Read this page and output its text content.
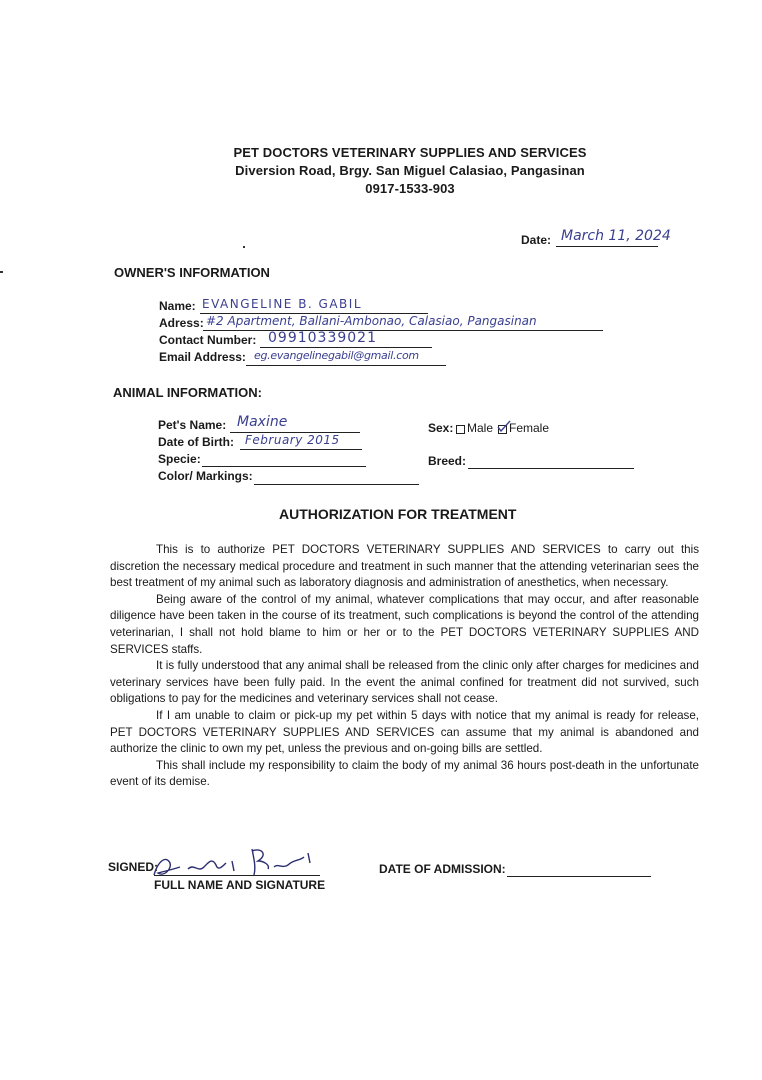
PET DOCTORS VETERINARY SUPPLIES AND SERVICES
Diversion Road, Brgy. San Miguel Calasiao, Pangasinan
0917-1533-903
Date: March 11, 2024
OWNER'S INFORMATION
Name: EVANGELINE B. GABIL
Adress: #2 Apartment, Ballani-Ambonao, Calasiao, Pangasinan
Contact Number: 09910339021
Email Address: eg.evangelinegabil@gmail.com
ANIMAL INFORMATION:
Pet's Name: Maxine
Date of Birth: February 2015
Specie:
Color/ Markings:
Sex: Male Female
Breed:
AUTHORIZATION FOR TREATMENT

This is to authorize PET DOCTORS VETERINARY SUPPLIES AND SERVICES to carry out this discretion the necessary medical procedure and treatment in such manner that the attending veterinarian sees the best treatment of my animal such as laboratory diagnosis and administration of anesthetics, when necessary.

Being aware of the control of my animal, whatever complications that may occur, and after reasonable diligence have been taken in the course of its treatment, such complications is beyond the control of the attending veterinarian, I shall not hold blame to him or her or to the PET DOCTORS VETERINARY SUPPLIES AND SERVICES staffs.

It is fully understood that any animal shall be released from the clinic only after charges for medicines and veterinary services have been fully paid. In the event the animal confined for treatment did not survived, such obligations to pay for the medicines and veterinary services shall not cease.

If I am unable to claim or pick-up my pet within 5 days with notice that my animal is ready for release, PET DOCTORS VETERINARY SUPPLIES AND SERVICES can assume that my animal is abandoned and authorize the clinic to own my pet, unless the previous and on-going bills are settled.

This shall include my responsibility to claim the body of my animal 36 hours post-death in the unfortunate event of its demise.

SIGNED:
FULL NAME AND SIGNATURE
DATE OF ADMISSION:
